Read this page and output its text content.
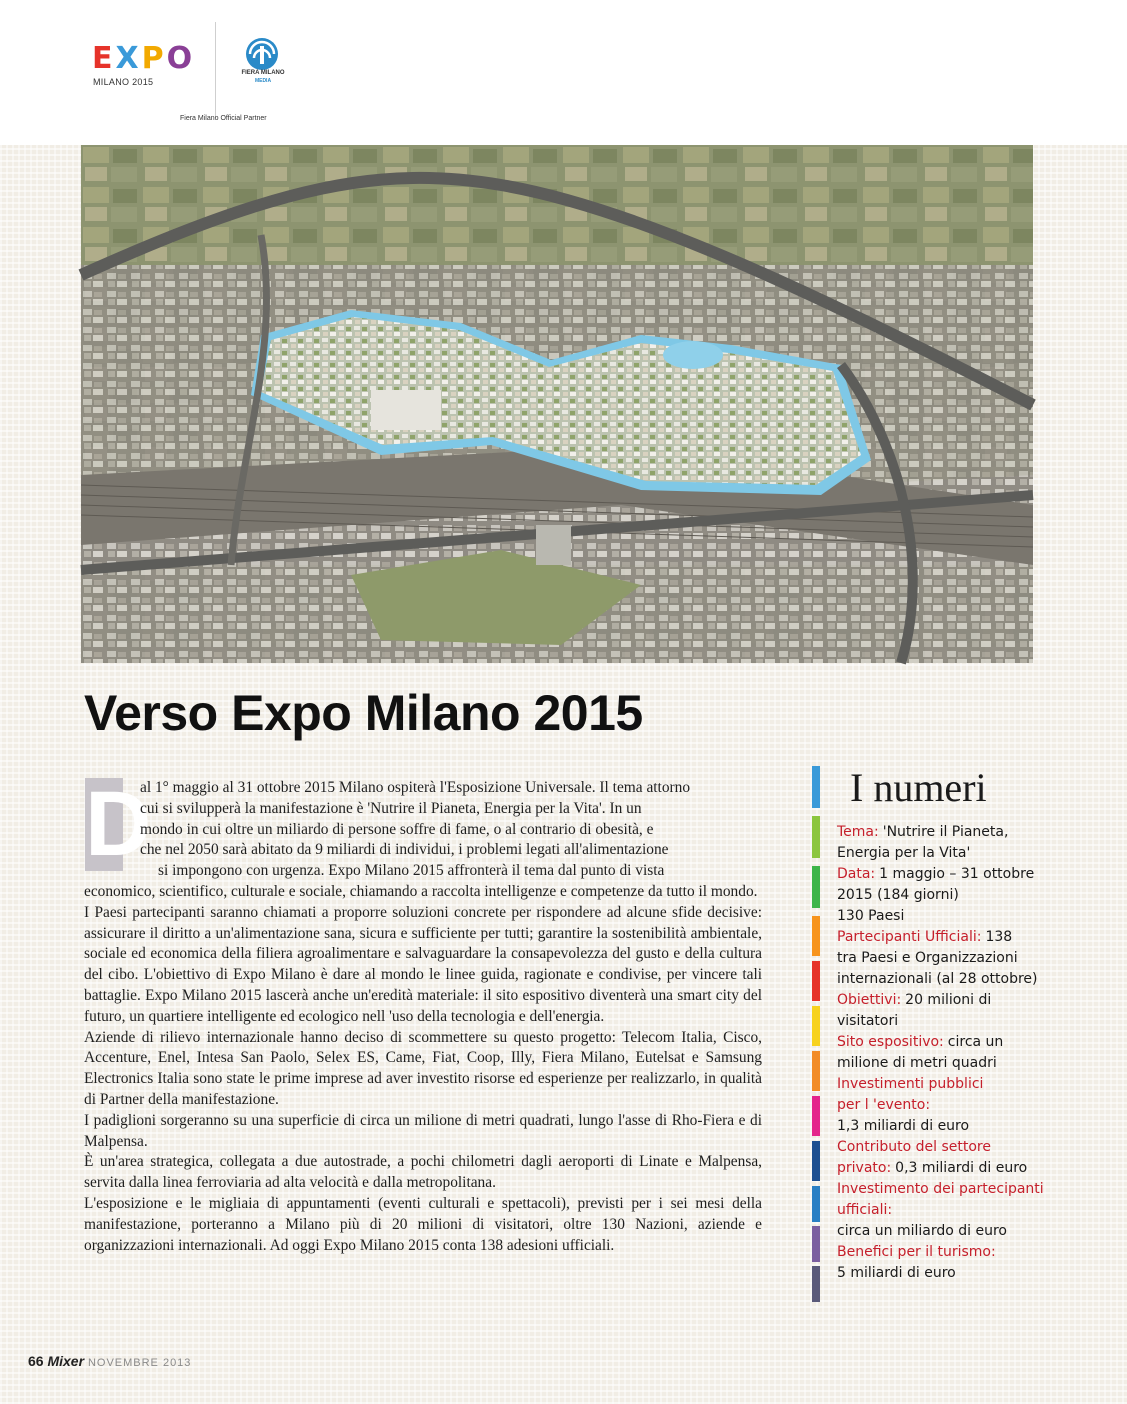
E X P O
MILANO 2015
FIERA MILANO
MEDIA
Fiera Milano Official Partner
Verso Expo Milano 2015
D
al 1° maggio al 31 ottobre 2015 Milano ospiterà l'Esposizione Universale. Il tema attorno
cui si svilupperà la manifestazione è 'Nutrire il Pianeta, Energia per la Vita'. In un
mondo in cui oltre un miliardo di persone soffre di fame, o al contrario di obesità, e
che nel 2050 sarà abitato da 9 miliardi di individui, i problemi legati all'alimentazione
si impongono con urgenza. Expo Milano 2015 affronterà il tema dal punto di vista

economico, scientifico, culturale e sociale, chiamando a raccolta intelligenze e competenze da tutto il mondo.

I Paesi partecipanti saranno chiamati a proporre soluzioni concrete per rispondere ad alcune sfide decisive: assicurare il diritto a un'alimentazione sana, sicura e sufficiente per tutti; garantire la sostenibilità ambientale, sociale ed economica della filiera agroalimentare e salvaguardare la consapevolezza del gusto e della cultura del cibo. L'obiettivo di Expo Milano è dare al mondo le linee guida, ragionate e condivise, per vincere tali battaglie. Expo Milano 2015 lascerà anche un'eredità materiale: il sito espositivo diventerà una smart city del futuro, un quartiere intelligente ed ecologico nell 'uso della tecnologia e dell'energia.

Aziende di rilievo internazionale hanno deciso di scommettere su questo progetto: Telecom Italia, Cisco, Accenture, Enel, Intesa San Paolo, Selex ES, Came, Fiat, Coop, Illy, Fiera Milano, Eutelsat e Samsung Electronics Italia sono state le prime imprese ad aver investito risorse ed esperienze per realizzarlo, in qualità di Partner della manifestazione.

I padiglioni sorgeranno su una superficie di circa un milione di metri quadrati, lungo l'asse di Rho-Fiera e di Malpensa.

È un'area strategica, collegata a due autostrade, a pochi chilometri dagli aeroporti di Linate e Malpensa, servita dalla linea ferroviaria ad alta velocità e dalla metropolitana.

L'esposizione e le migliaia di appuntamenti (eventi culturali e spettacoli), previsti per i sei mesi della manifestazione, porteranno a Milano più di 20 milioni di visitatori, oltre 130 Nazioni, aziende e organizzazioni internazionali. Ad oggi Expo Milano 2015 conta 138 adesioni ufficiali.

I numeri
Tema: 'Nutrire il Pianeta,
Energia per la Vita'
Data: 1 maggio – 31 ottobre
2015 (184 giorni)
130 Paesi
Partecipanti Ufficiali: 138
tra Paesi e Organizzazioni
internazionali (al 28 ottobre)
Obiettivi: 20 milioni di
visitatori
Sito espositivo: circa un
milione di metri quadri
Investimenti pubblici
per l 'evento:
1,3 miliardi di euro
Contributo del settore
privato: 0,3 miliardi di euro
Investimento dei partecipanti
ufficiali:
circa un miliardo di euro
Benefici per il turismo:
5 miliardi di euro
66 Mixer NOVEMBRE 2013
